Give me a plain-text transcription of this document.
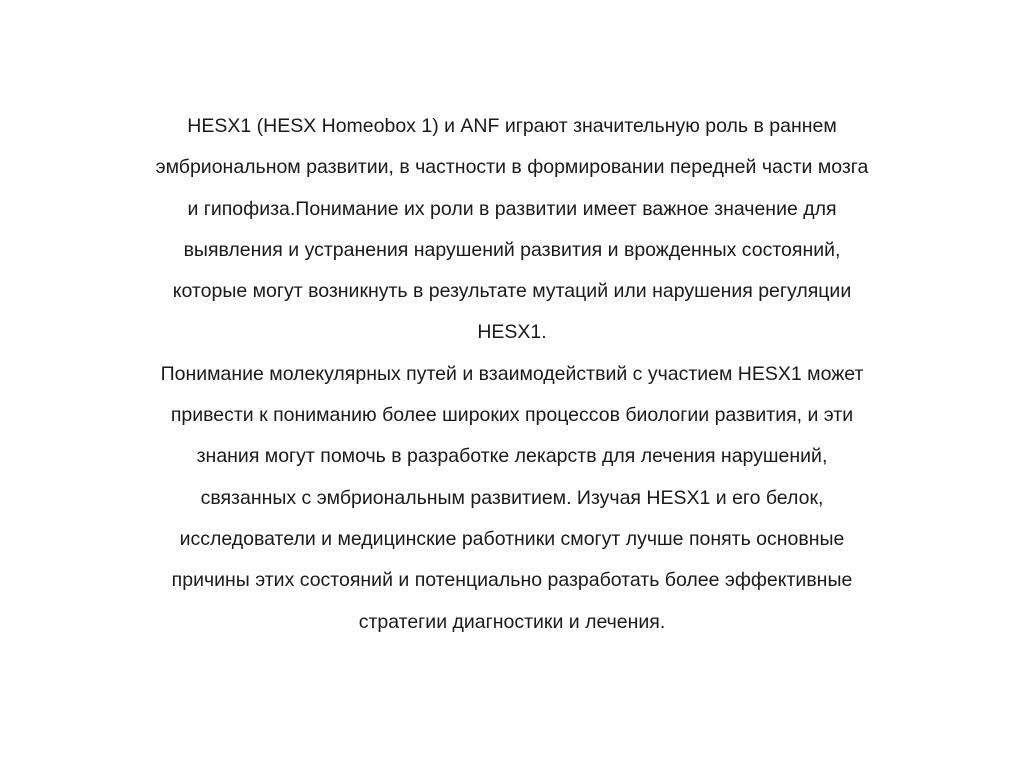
HESX1 (HESX Homeobox 1) и ANF играют значительную роль в раннем
эмбриональном развитии, в частности в формировании передней части мозга
и гипофиза.Понимание их роли в развитии имеет важное значение для
выявления и устранения нарушений развития и врожденных состояний,
которые могут возникнуть в результате мутаций или нарушения регуляции
HESX1.
Понимание молекулярных путей и взаимодействий с участием HESX1 может
привести к пониманию более широких процессов биологии развития, и эти
знания могут помочь в разработке лекарств для лечения нарушений,
связанных с эмбриональным развитием. Изучая HESX1 и его белок,
исследователи и медицинские работники смогут лучше понять основные
причины этих состояний и потенциально разработать более эффективные
стратегии диагностики и лечения.
